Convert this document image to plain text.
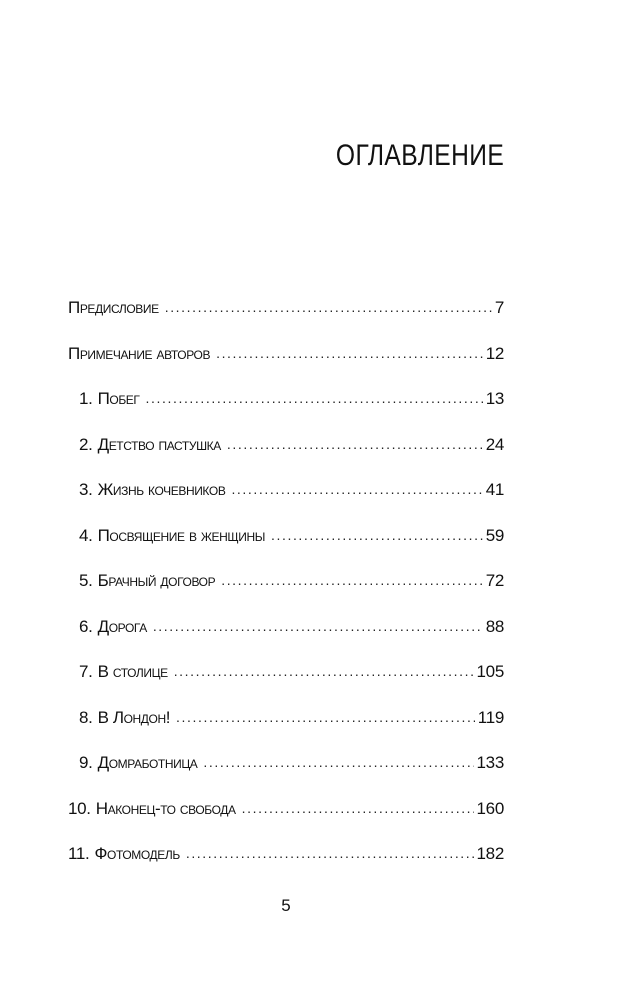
ОГЛАВЛЕНИЕ
Предисловие .....	7
Примечание авторов .....	12
1. Побег .....	13
2. Детство пастушка .....	24
3. Жизнь кочевников .....	41
4. Посвящение в женщины .....	59
5. Брачный договор .....	72
6. Дорога .....	88
7. В столице .....	105
8. В Лондон! .....	119
9. Домработница .....	133
10. Наконец-то свобода .....	160
11. Фотомодель .....	182
5
